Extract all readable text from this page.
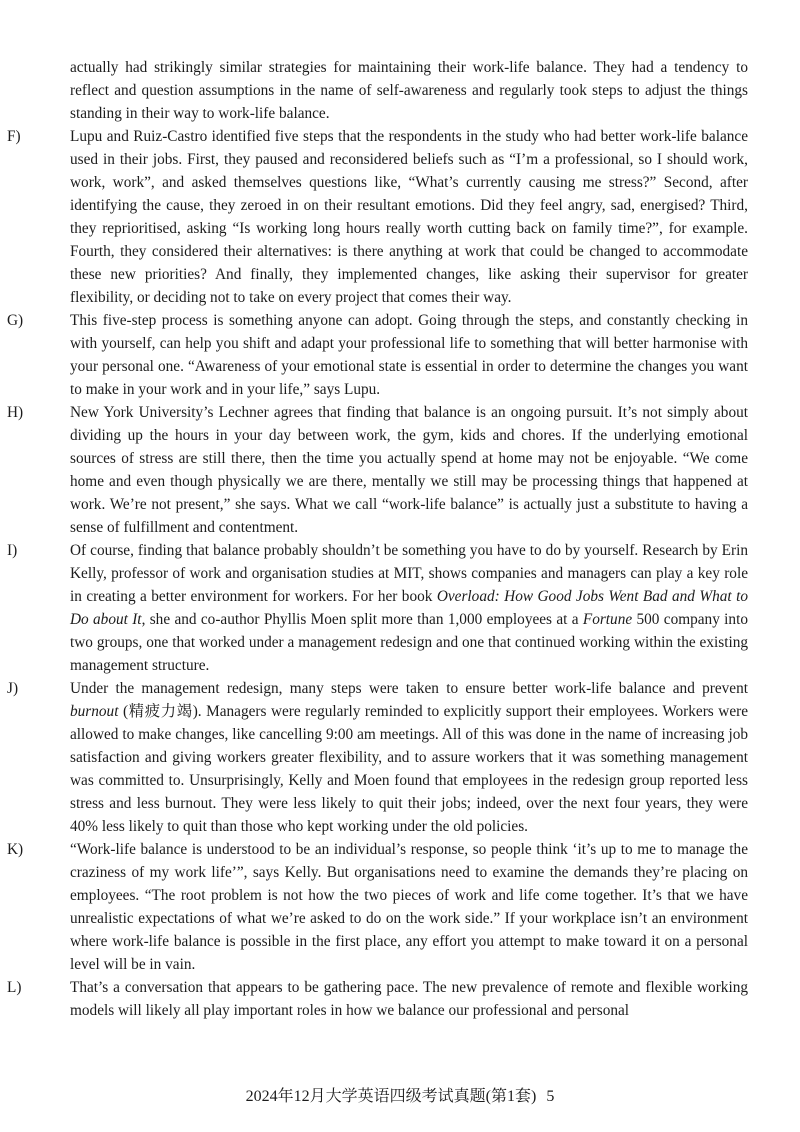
actually had strikingly similar strategies for maintaining their work-life balance. They had a tendency to reflect and question assumptions in the name of self-awareness and regularly took steps to adjust the things standing in their way to work-life balance.

F)	Lupu and Ruiz-Castro identified five steps that the respondents in the study who had better work-life balance used in their jobs. First, they paused and reconsidered beliefs such as “I’m a professional, so I should work, work, work”, and asked themselves questions like, “What’s currently causing me stress?” Second, after identifying the cause, they zeroed in on their resultant emotions. Did they feel angry, sad, energised? Third, they reprioritised, asking “Is working long hours really worth cutting back on family time?”, for example. Fourth, they considered their alternatives: is there anything at work that could be changed to accommodate these new priorities? And finally, they implemented changes, like asking their supervisor for greater flexibility, or deciding not to take on every project that comes their way.
G)	This five-step process is something anyone can adopt. Going through the steps, and constantly checking in with yourself, can help you shift and adapt your professional life to something that will better harmonise with your personal one. “Awareness of your emotional state is essential in order to determine the changes you want to make in your work and in your life,” says Lupu.
H)	New York University’s Lechner agrees that finding that balance is an ongoing pursuit. It’s not simply about dividing up the hours in your day between work, the gym, kids and chores. If the underlying emotional sources of stress are still there, then the time you actually spend at home may not be enjoyable. “We come home and even though physically we are there, mentally we still may be processing things that happened at work. We’re not present,” she says. What we call “work-life balance” is actually just a substitute to having a sense of fulfillment and contentment.
I)	Of course, finding that balance probably shouldn’t be something you have to do by yourself. Research by Erin Kelly, professor of work and organisation studies at MIT, shows companies and managers can play a key role in creating a better environment for workers. For her book Overload: How Good Jobs Went Bad and What to Do about It, she and co-author Phyllis Moen split more than 1,000 employees at a Fortune 500 company into two groups, one that worked under a management redesign and one that continued working within the existing management structure.
J)	Under the management redesign, many steps were taken to ensure better work-life balance and prevent burnout (精疲力竭). Managers were regularly reminded to explicitly support their employees. Workers were allowed to make changes, like cancelling 9:00 am meetings. All of this was done in the name of increasing job satisfaction and giving workers greater flexibility, and to assure workers that it was something management was committed to. Unsurprisingly, Kelly and Moen found that employees in the redesign group reported less stress and less burnout. They were less likely to quit their jobs; indeed, over the next four years, they were 40% less likely to quit than those who kept working under the old policies.
K)	“Work-life balance is understood to be an individual’s response, so people think ‘it’s up to me to manage the craziness of my work life’”, says Kelly. But organisations need to examine the demands they’re placing on employees. “The root problem is not how the two pieces of work and life come together. It’s that we have unrealistic expectations of what we’re asked to do on the work side.” If your workplace isn’t an environment where work-life balance is possible in the first place, any effort you attempt to make toward it on a personal level will be in vain.
L)	That’s a conversation that appears to be gathering pace. The new prevalence of remote and flexible working models will likely all play important roles in how we balance our professional and personal
2024年12月大学英语四级考试真题(第1套) 5
